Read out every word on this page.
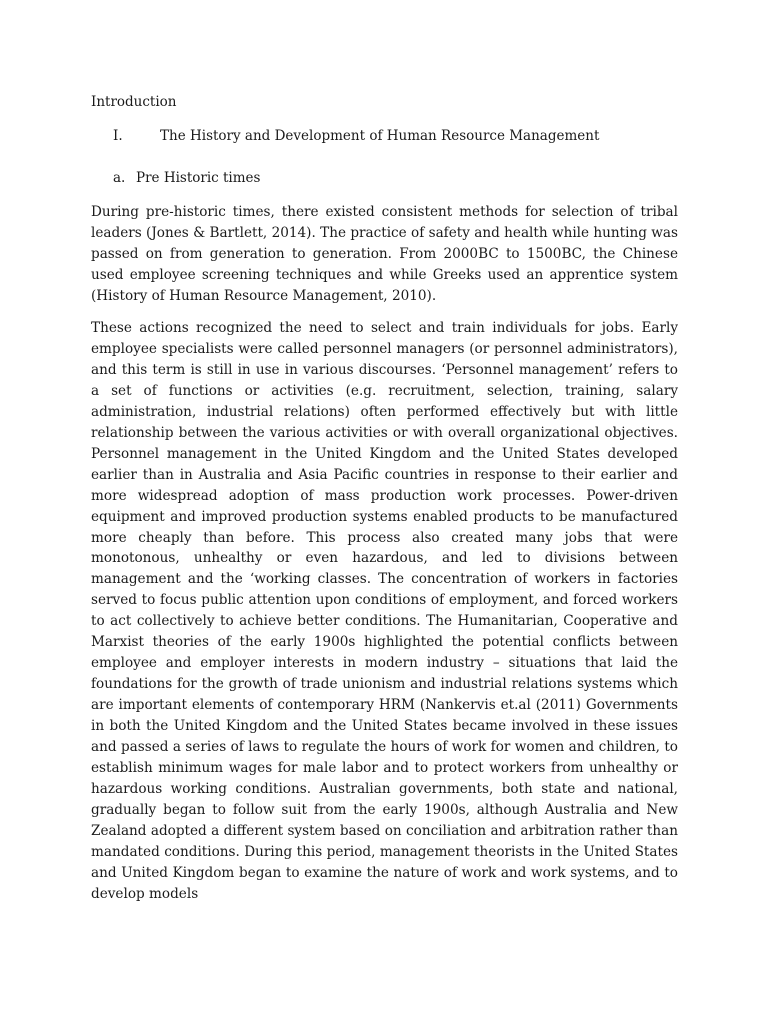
Introduction
I.	The History and Development of Human Resource Management
a. Pre Historic times

During pre-historic times, there existed consistent methods for selection of tribal leaders (Jones & Bartlett, 2014). The practice of safety and health while hunting was passed on from generation to generation. From 2000BC to 1500BC, the Chinese used employee screening techniques and while Greeks used an apprentice system (History of Human Resource Management, 2010).

These actions recognized the need to select and train individuals for jobs. Early employee specialists were called personnel managers (or personnel administrators), and this term is still in use in various discourses. ‘Personnel management’ refers to a set of functions or activities (e.g. recruitment, selection, training, salary administration, industrial relations) often performed effectively but with little relationship between the various activities or with overall organizational objectives. Personnel management in the United Kingdom and the United States developed earlier than in Australia and Asia Pacific countries in response to their earlier and more widespread adoption of mass production work processes. Power-driven equipment and improved production systems enabled products to be manufactured more cheaply than before. This process also created many jobs that were monotonous, unhealthy or even hazardous, and led to divisions between management and the ‘working classes. The concentration of workers in factories served to focus public attention upon conditions of employment, and forced workers to act collectively to achieve better conditions. The Humanitarian, Cooperative and Marxist theories of the early 1900s highlighted the potential conflicts between employee and employer interests in modern industry – situations that laid the foundations for the growth of trade unionism and industrial relations systems which are important elements of contemporary HRM (Nankervis et.al (2011) Governments in both the United Kingdom and the United States became involved in these issues and passed a series of laws to regulate the hours of work for women and children, to establish minimum wages for male labor and to protect workers from unhealthy or hazardous working conditions. Australian governments, both state and national, gradually began to follow suit from the early 1900s, although Australia and New Zealand adopted a different system based on conciliation and arbitration rather than mandated conditions. During this period, management theorists in the United States and United Kingdom began to examine the nature of work and work systems, and to develop models
